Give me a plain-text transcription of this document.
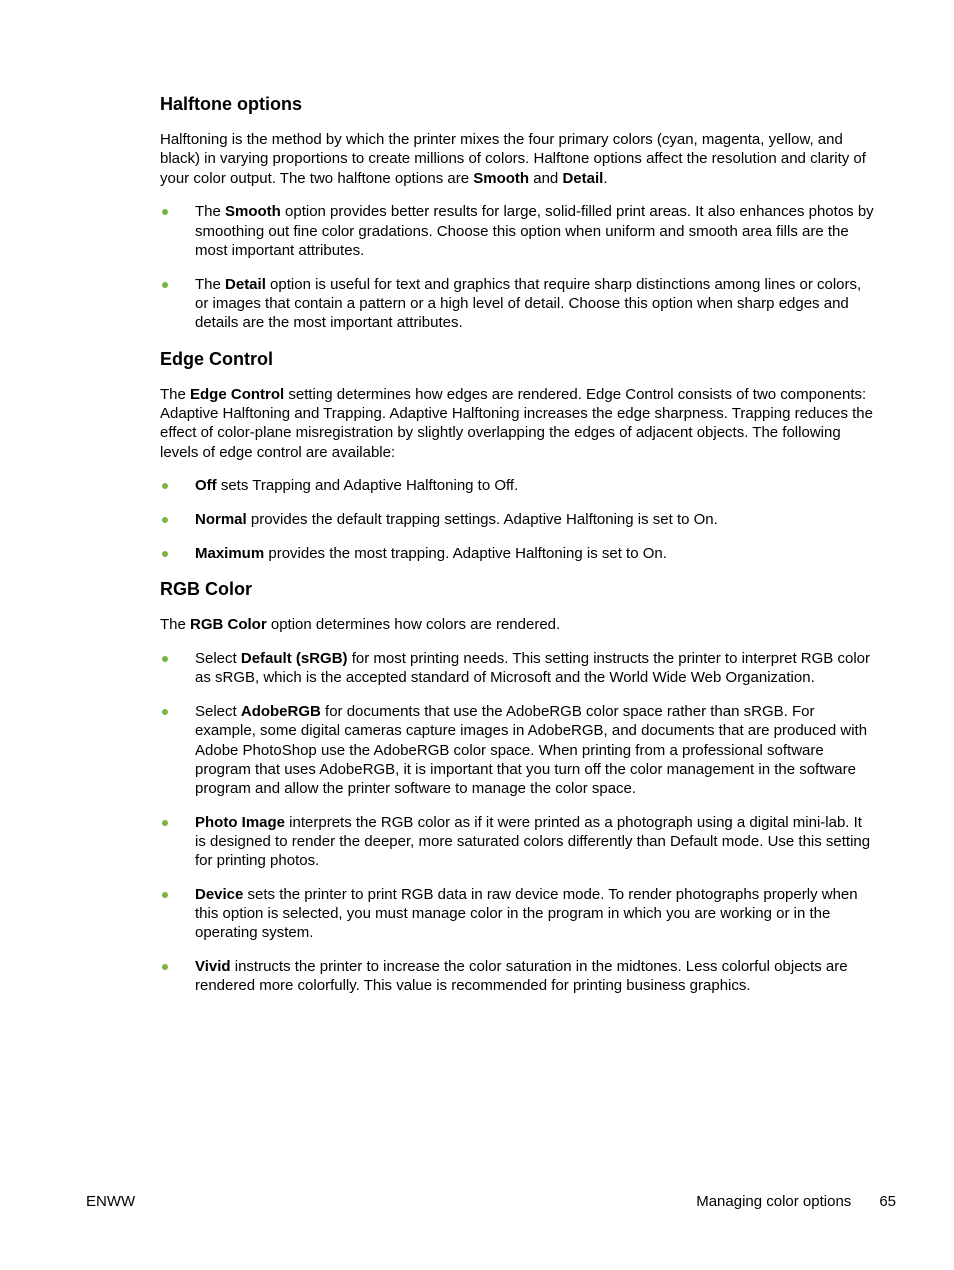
Halftone options

Halftoning is the method by which the printer mixes the four primary colors (cyan, magenta, yellow, and black) in varying proportions to create millions of colors. Halftone options affect the resolution and clarity of your color output. The two halftone options are Smooth and Detail.

The Smooth option provides better results for large, solid-filled print areas. It also enhances photos by smoothing out fine color gradations. Choose this option when uniform and smooth area fills are the most important attributes.
The Detail option is useful for text and graphics that require sharp distinctions among lines or colors, or images that contain a pattern or a high level of detail. Choose this option when sharp edges and details are the most important attributes.
Edge Control

The Edge Control setting determines how edges are rendered. Edge Control consists of two components: Adaptive Halftoning and Trapping. Adaptive Halftoning increases the edge sharpness. Trapping reduces the effect of color-plane misregistration by slightly overlapping the edges of adjacent objects. The following levels of edge control are available:

Off sets Trapping and Adaptive Halftoning to Off.
Normal provides the default trapping settings. Adaptive Halftoning is set to On.
Maximum provides the most trapping. Adaptive Halftoning is set to On.
RGB Color

The RGB Color option determines how colors are rendered.

Select Default (sRGB) for most printing needs. This setting instructs the printer to interpret RGB color as sRGB, which is the accepted standard of Microsoft and the World Wide Web Organization.
Select AdobeRGB for documents that use the AdobeRGB color space rather than sRGB. For example, some digital cameras capture images in AdobeRGB, and documents that are produced with Adobe PhotoShop use the AdobeRGB color space. When printing from a professional software program that uses AdobeRGB, it is important that you turn off the color management in the software program and allow the printer software to manage the color space.
Photo Image interprets the RGB color as if it were printed as a photograph using a digital mini-lab. It is designed to render the deeper, more saturated colors differently than Default mode. Use this setting for printing photos.
Device sets the printer to print RGB data in raw device mode. To render photographs properly when this option is selected, you must manage color in the program in which you are working or in the operating system.
Vivid instructs the printer to increase the color saturation in the midtones. Less colorful objects are rendered more colorfully. This value is recommended for printing business graphics.
ENWW	Managing color options 65
